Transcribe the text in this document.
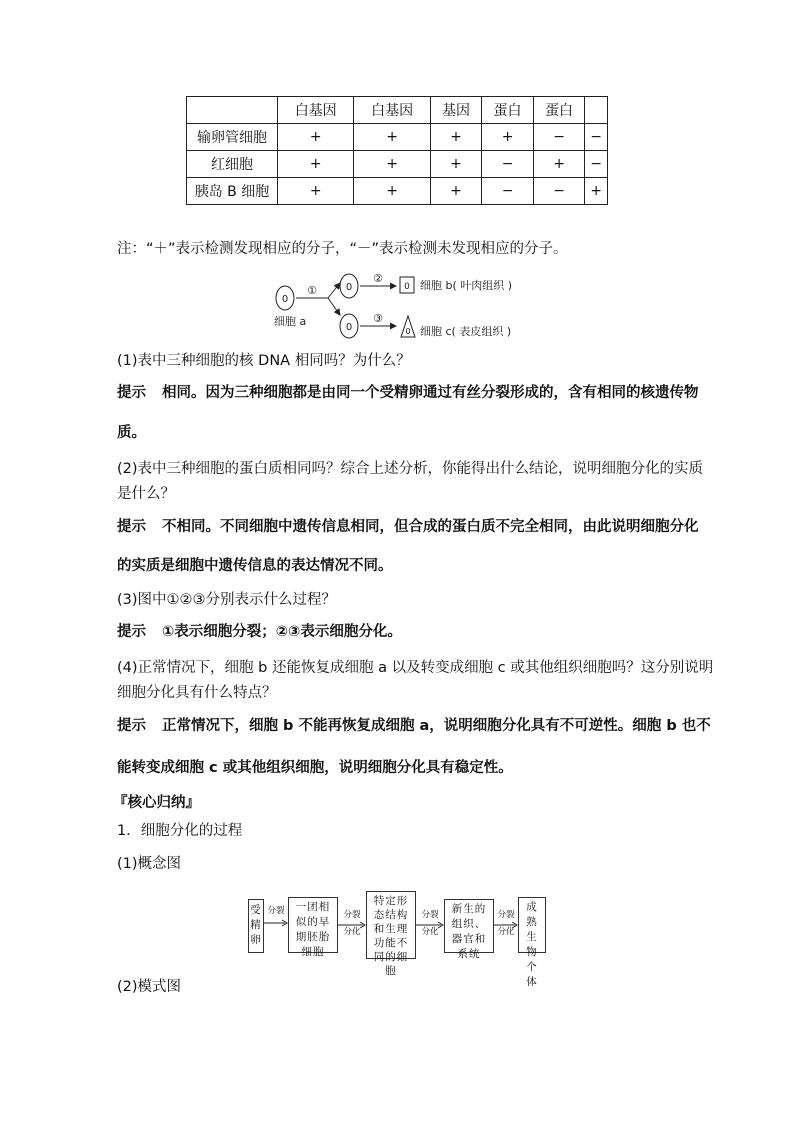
	白基因	白基因	基因	蛋白	蛋白	
输卵管细胞	+	+	+	+	−	−
红细胞	+	+	+	−	+	−
胰岛 B 细胞	+	+	+	−	−	+
注：“＋”表示检测发现相应的分子，“－”表示检测未发现相应的分子。
0
细胞 a
①	0
0
②
③
0 细胞 b( 叶肉组织 )
0 细胞 c( 表皮组织 )
(1)表中三种细胞的核 DNA 相同吗？为什么？
提示 相同。因为三种细胞都是由同一个受精卵通过有丝分裂形成的，含有相同的核遗传物
质。
(2)表中三种细胞的蛋白质相同吗？综合上述分析，你能得出什么结论，说明细胞分化的实质
是什么？
提示 不相同。不同细胞中遗传信息相同，但合成的蛋白质不完全相同，由此说明细胞分化
的实质是细胞中遗传信息的表达情况不同。
(3)图中①②③分别表示什么过程？
提示 ①表示细胞分裂；②③表示细胞分化。
(4)正常情况下，细胞 b 还能恢复成细胞 a 以及转变成细胞 c 或其他组织细胞吗？这分别说明
细胞分化具有什么特点？
提示 正常情况下，细胞 b 不能再恢复成细胞 a，说明细胞分化具有不可逆性。细胞 b 也不
能转变成细胞 c 或其他组织细胞，说明细胞分化具有稳定性。
『核心归纳』
1．细胞分化的过程
(1)概念图
受精卵
分裂	一团相似的早期胚胎细胞
分裂
分化
特定形态结构和生理功能不同的细胞
分裂
分化
新生的组织、器官和系统
分裂
分化
成熟生物个体
(2)模式图
